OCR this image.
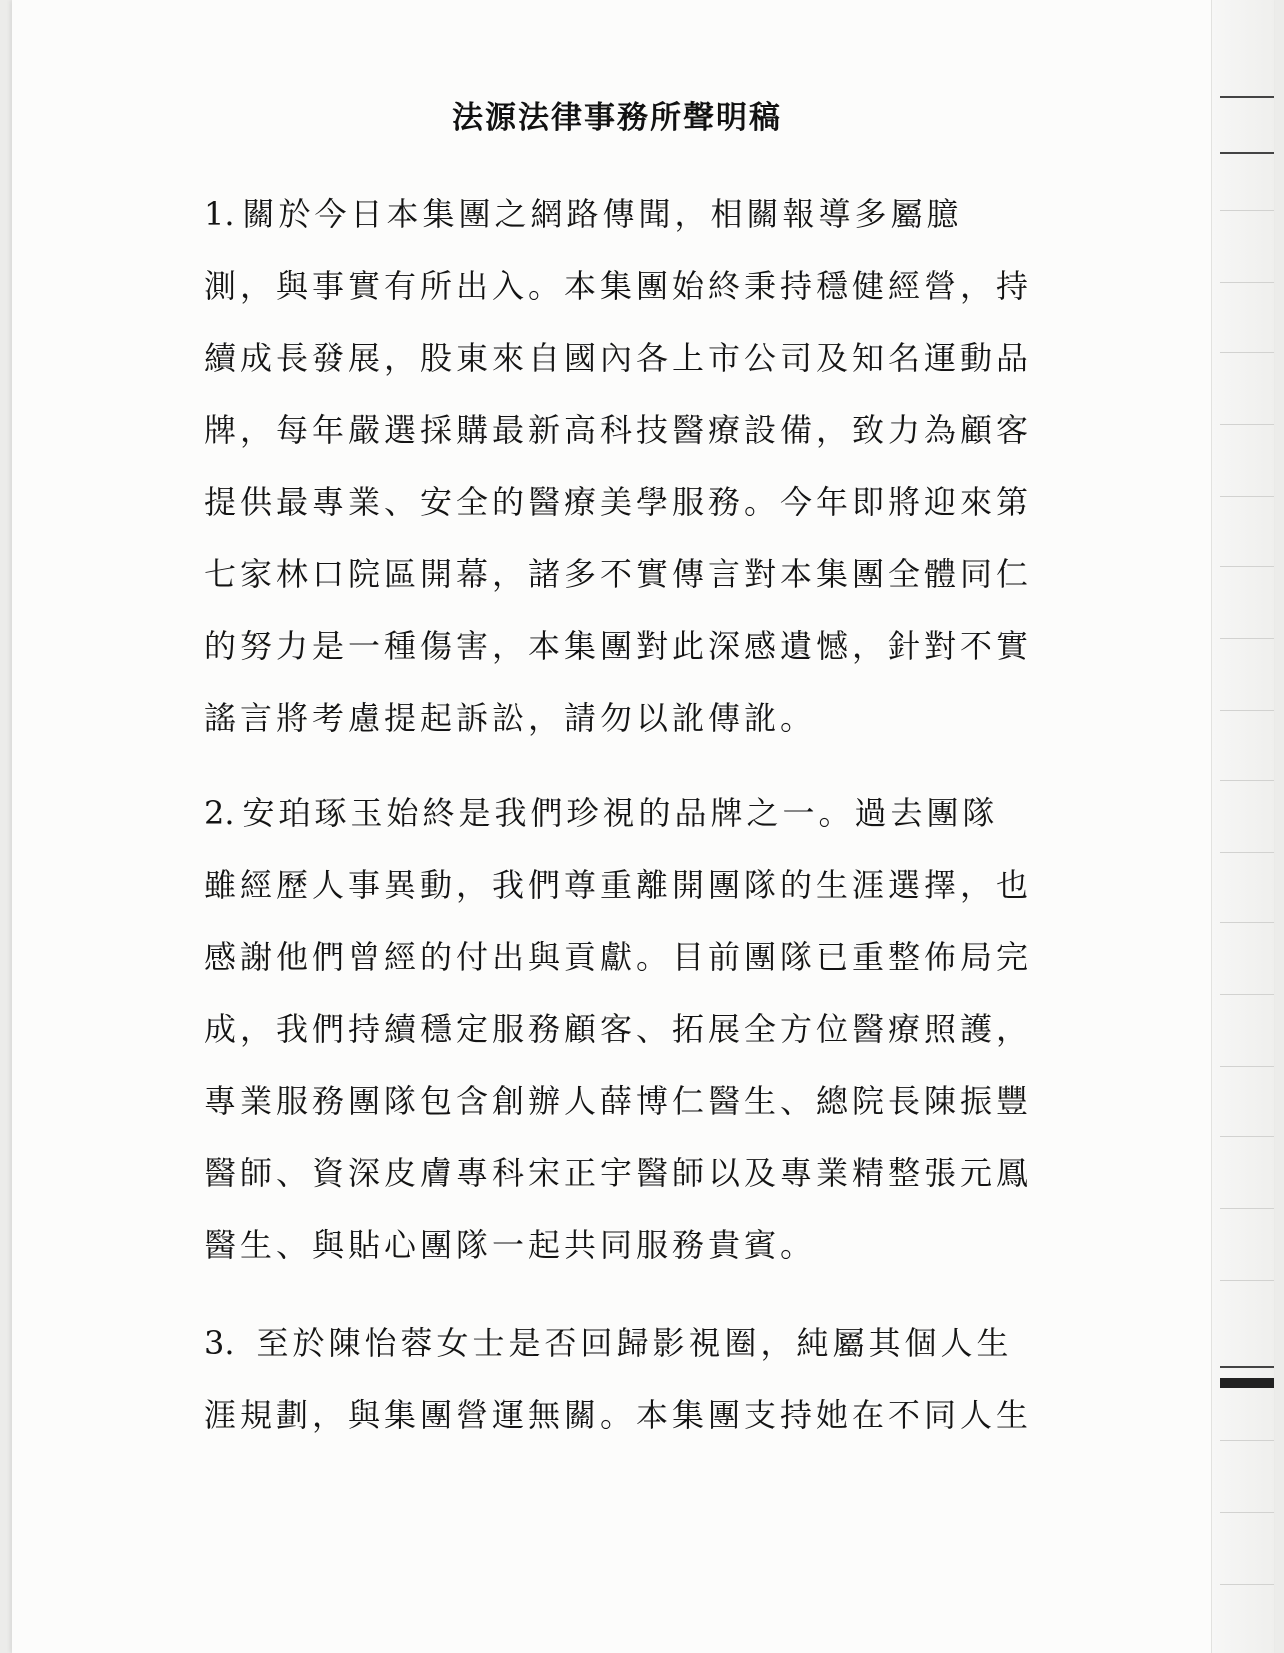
法源法律事務所聲明稿

1. 關於今日本集團之網路傳聞，相關報導多屬臆
測，與事實有所出入。本集團始終秉持穩健經營，持
續成長發展，股東來自國內各上市公司及知名運動品
牌，每年嚴選採購最新高科技醫療設備，致力為顧客
提供最專業、安全的醫療美學服務。今年即將迎來第
七家林口院區開幕，諸多不實傳言對本集團全體同仁
的努力是一種傷害，本集團對此深感遺憾，針對不實
謠言將考慮提起訴訟，請勿以訛傳訛。

2. 安珀琢玉始終是我們珍視的品牌之一。過去團隊
雖經歷人事異動，我們尊重離開團隊的生涯選擇，也
感謝他們曾經的付出與貢獻。目前團隊已重整佈局完
成，我們持續穩定服務顧客、拓展全方位醫療照護，
專業服務團隊包含創辦人薛博仁醫生、總院長陳振豐
醫師、資深皮膚專科宋正宇醫師以及專業精整張元鳳
醫生、與貼心團隊一起共同服務貴賓。

3. 至於陳怡蓉女士是否回歸影視圈，純屬其個人生
涯規劃，與集團營運無關。本集團支持她在不同人生
